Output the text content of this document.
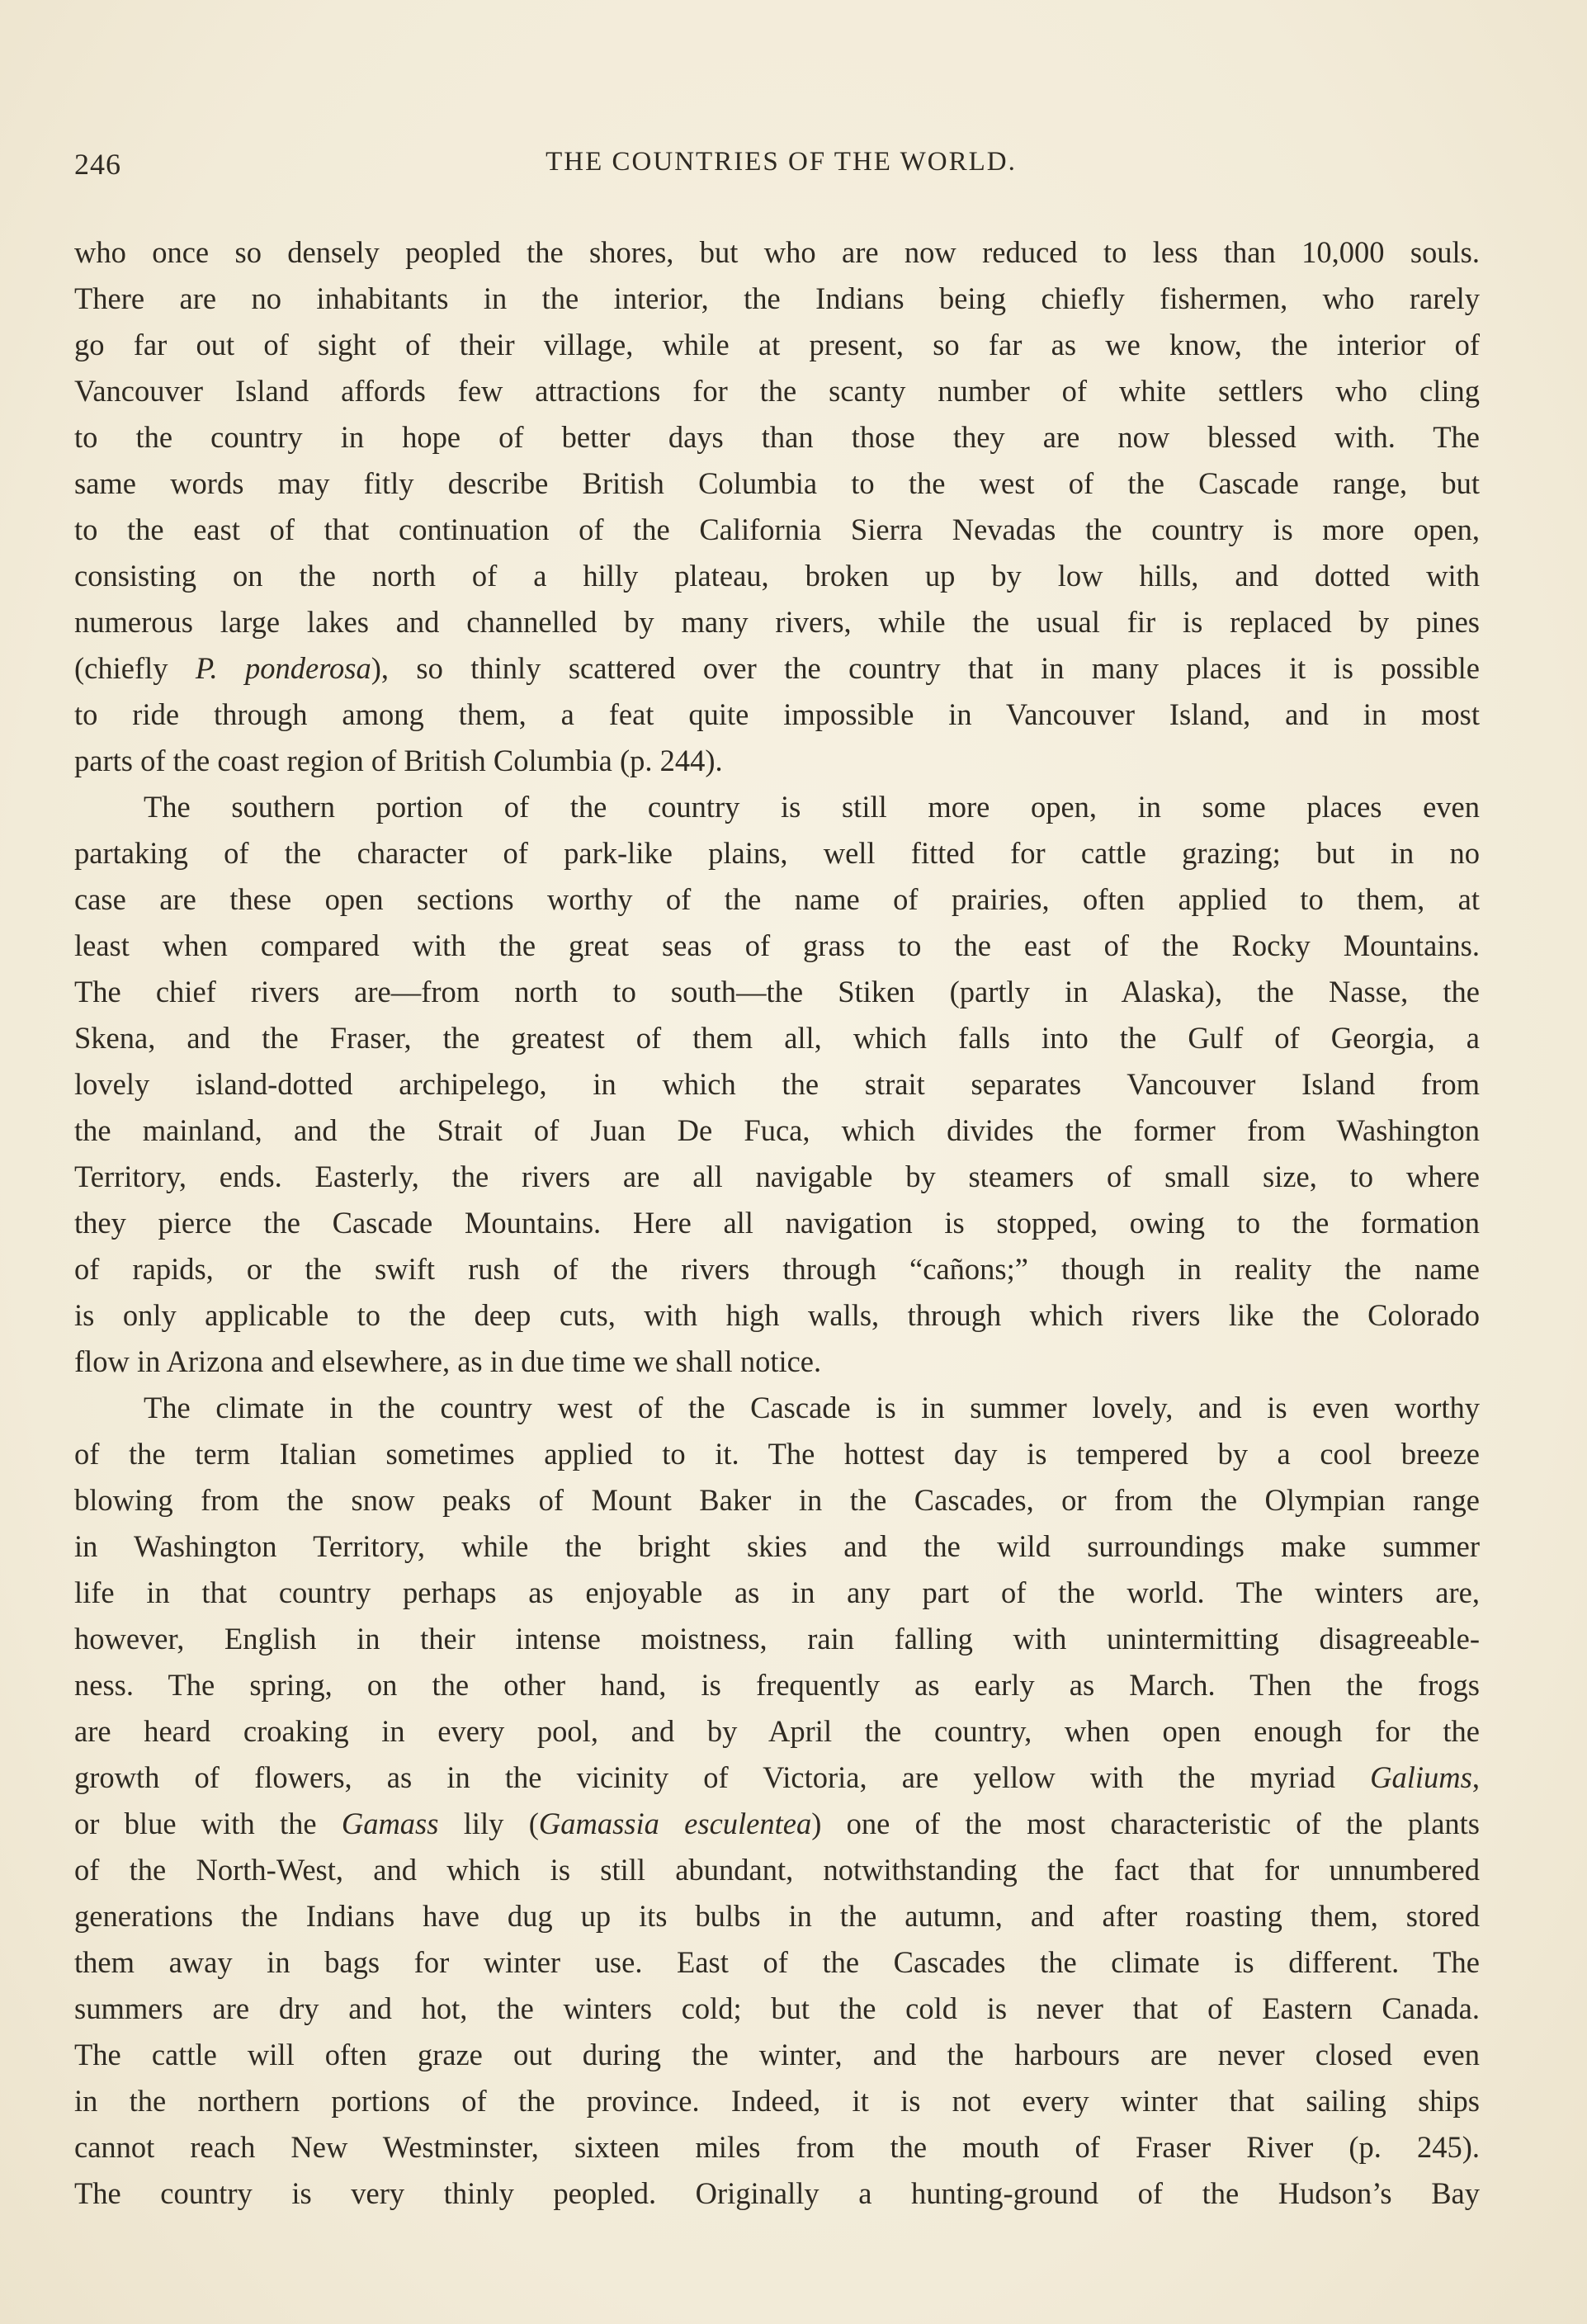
246	THE COUNTRIES OF THE WORLD.
who once so densely peopled the shores, but who are now reduced to less than 10,000 souls.
There are no inhabitants in the interior, the Indians being chiefly fishermen, who rarely
go far out of sight of their village, while at present, so far as we know, the interior of
Vancouver Island affords few attractions for the scanty number of white settlers who cling
to the country in hope of better days than those they are now blessed with. The
same words may fitly describe British Columbia to the west of the Cascade range, but
to the east of that continuation of the California Sierra Nevadas the country is more open,
consisting on the north of a hilly plateau, broken up by low hills, and dotted with
numerous large lakes and channelled by many rivers, while the usual fir is replaced by pines
(chiefly P. ponderosa), so thinly scattered over the country that in many places it is possible
to ride through among them, a feat quite impossible in Vancouver Island, and in most
parts of the coast region of British Columbia (p. 244).
The southern portion of the country is still more open, in some places even
partaking of the character of park-like plains, well fitted for cattle grazing; but in no
case are these open sections worthy of the name of prairies, often applied to them, at
least when compared with the great seas of grass to the east of the Rocky Mountains.
The chief rivers are—from north to south—the Stiken (partly in Alaska), the Nasse, the
Skena, and the Fraser, the greatest of them all, which falls into the Gulf of Georgia, a
lovely island-dotted archipelego, in which the strait separates Vancouver Island from
the mainland, and the Strait of Juan De Fuca, which divides the former from Washington
Territory, ends. Easterly, the rivers are all navigable by steamers of small size, to where
they pierce the Cascade Mountains. Here all navigation is stopped, owing to the formation
of rapids, or the swift rush of the rivers through “cañons;” though in reality the name
is only applicable to the deep cuts, with high walls, through which rivers like the Colorado
flow in Arizona and elsewhere, as in due time we shall notice.
The climate in the country west of the Cascade is in summer lovely, and is even worthy
of the term Italian sometimes applied to it. The hottest day is tempered by a cool breeze
blowing from the snow peaks of Mount Baker in the Cascades, or from the Olympian range
in Washington Territory, while the bright skies and the wild surroundings make summer
life in that country perhaps as enjoyable as in any part of the world. The winters are,
however, English in their intense moistness, rain falling with unintermitting disagreeable-
ness. The spring, on the other hand, is frequently as early as March. Then the frogs
are heard croaking in every pool, and by April the country, when open enough for the
growth of flowers, as in the vicinity of Victoria, are yellow with the myriad Galiums,
or blue with the Gamass lily (Gamassia esculentea) one of the most characteristic of the plants
of the North-West, and which is still abundant, notwithstanding the fact that for unnumbered
generations the Indians have dug up its bulbs in the autumn, and after roasting them, stored
them away in bags for winter use. East of the Cascades the climate is different. The
summers are dry and hot, the winters cold; but the cold is never that of Eastern Canada.
The cattle will often graze out during the winter, and the harbours are never closed even
in the northern portions of the province. Indeed, it is not every winter that sailing ships
cannot reach New Westminster, sixteen miles from the mouth of Fraser River (p. 245).
The country is very thinly peopled. Originally a hunting-ground of the Hudson’s Bay
